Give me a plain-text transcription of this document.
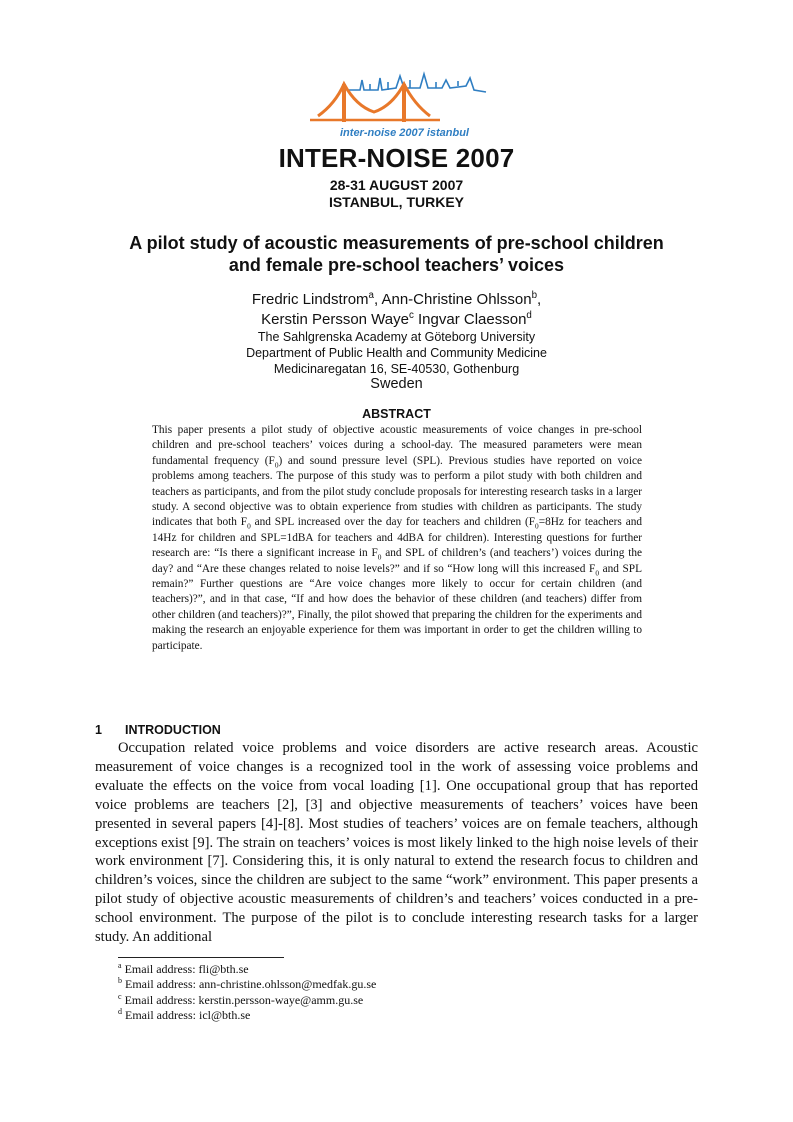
inter-noise 2007 istanbul
INTER-NOISE 2007
28-31 AUGUST 2007
ISTANBUL, TURKEY
A pilot study of acoustic measurements of pre-school children
and female pre-school teachers’ voices
Fredric Lindstrom$^a$, Ann-Christine Ohlsson$^b$,
Kerstin Persson Waye$^c$ Ingvar Claesson$^d$
The Sahlgrenska Academy at Göteborg University
Department of Public Health and Community Medicine
Medicinaregatan 16, SE-40530, Gothenburg
Sweden
ABSTRACT
This paper presents a pilot study of objective acoustic measurements of voice changes in pre-school children and pre-school teachers’ voices during a school-day. The measured parameters were mean fundamental frequency $(F_0)$ and sound pressure level (SPL). Previous studies have reported on voice problems among teachers. The purpose of this study was to perform a pilot study with both children and teachers as participants, and from the pilot study conclude proposals for interesting research tasks in a larger study. A second objective was to obtain experience from studies with children as participants. The study indicates that both $F_0$ and SPL increased over the day for teachers and children ($F_0=8Hz$ for teachers and 14Hz for children and SPL=1dBA for teachers and 4dBA for children). Interesting questions for further research are: “Is there a significant increase in $F_0$ and SPL of children’s (and teachers’) voices during the day? and “Are these changes related to noise levels?” and if so “How long will this increased $F_0$ and SPL remain?” Further questions are “Are voice changes more likely to occur for certain children (and teachers)?”, and in that case, “If and how does the behavior of these children (and teachers) differ from other children (and teachers)?”, Finally, the pilot showed that preparing the children for the experiments and making the research an enjoyable experience for them was important in order to get the children willing to participate.
1 INTRODUCTION
Occupation related voice problems and voice disorders are active research areas. Acoustic measurement of voice changes is a recognized tool in the work of assessing voice problems and evaluate the effects on the voice from vocal loading [1]. One occupational group that has reported voice problems are teachers [2], [3] and objective measurements of teachers’ voices have been presented in several papers [4]-[8]. Most studies of teachers’ voices are on female teachers, although exceptions exist [9]. The strain on teachers’ voices is most likely linked to the high noise levels of their work environment [7]. Considering this, it is only natural to extend the research focus to children and children’s voices, since the children are subject to the same “work” environment. This paper presents a pilot study of objective acoustic measurements of children’s and teachers’ voices conducted in a pre-school environment. The purpose of the pilot is to conclude interesting research tasks for a larger study. An additional
$^a$ Email address: fli@bth.se
$^b$ Email address: ann-christine.ohlsson@medfak.gu.se
$^c$ Email address: kerstin.persson-waye@amm.gu.se
$^d$ Email address: icl@bth.se
